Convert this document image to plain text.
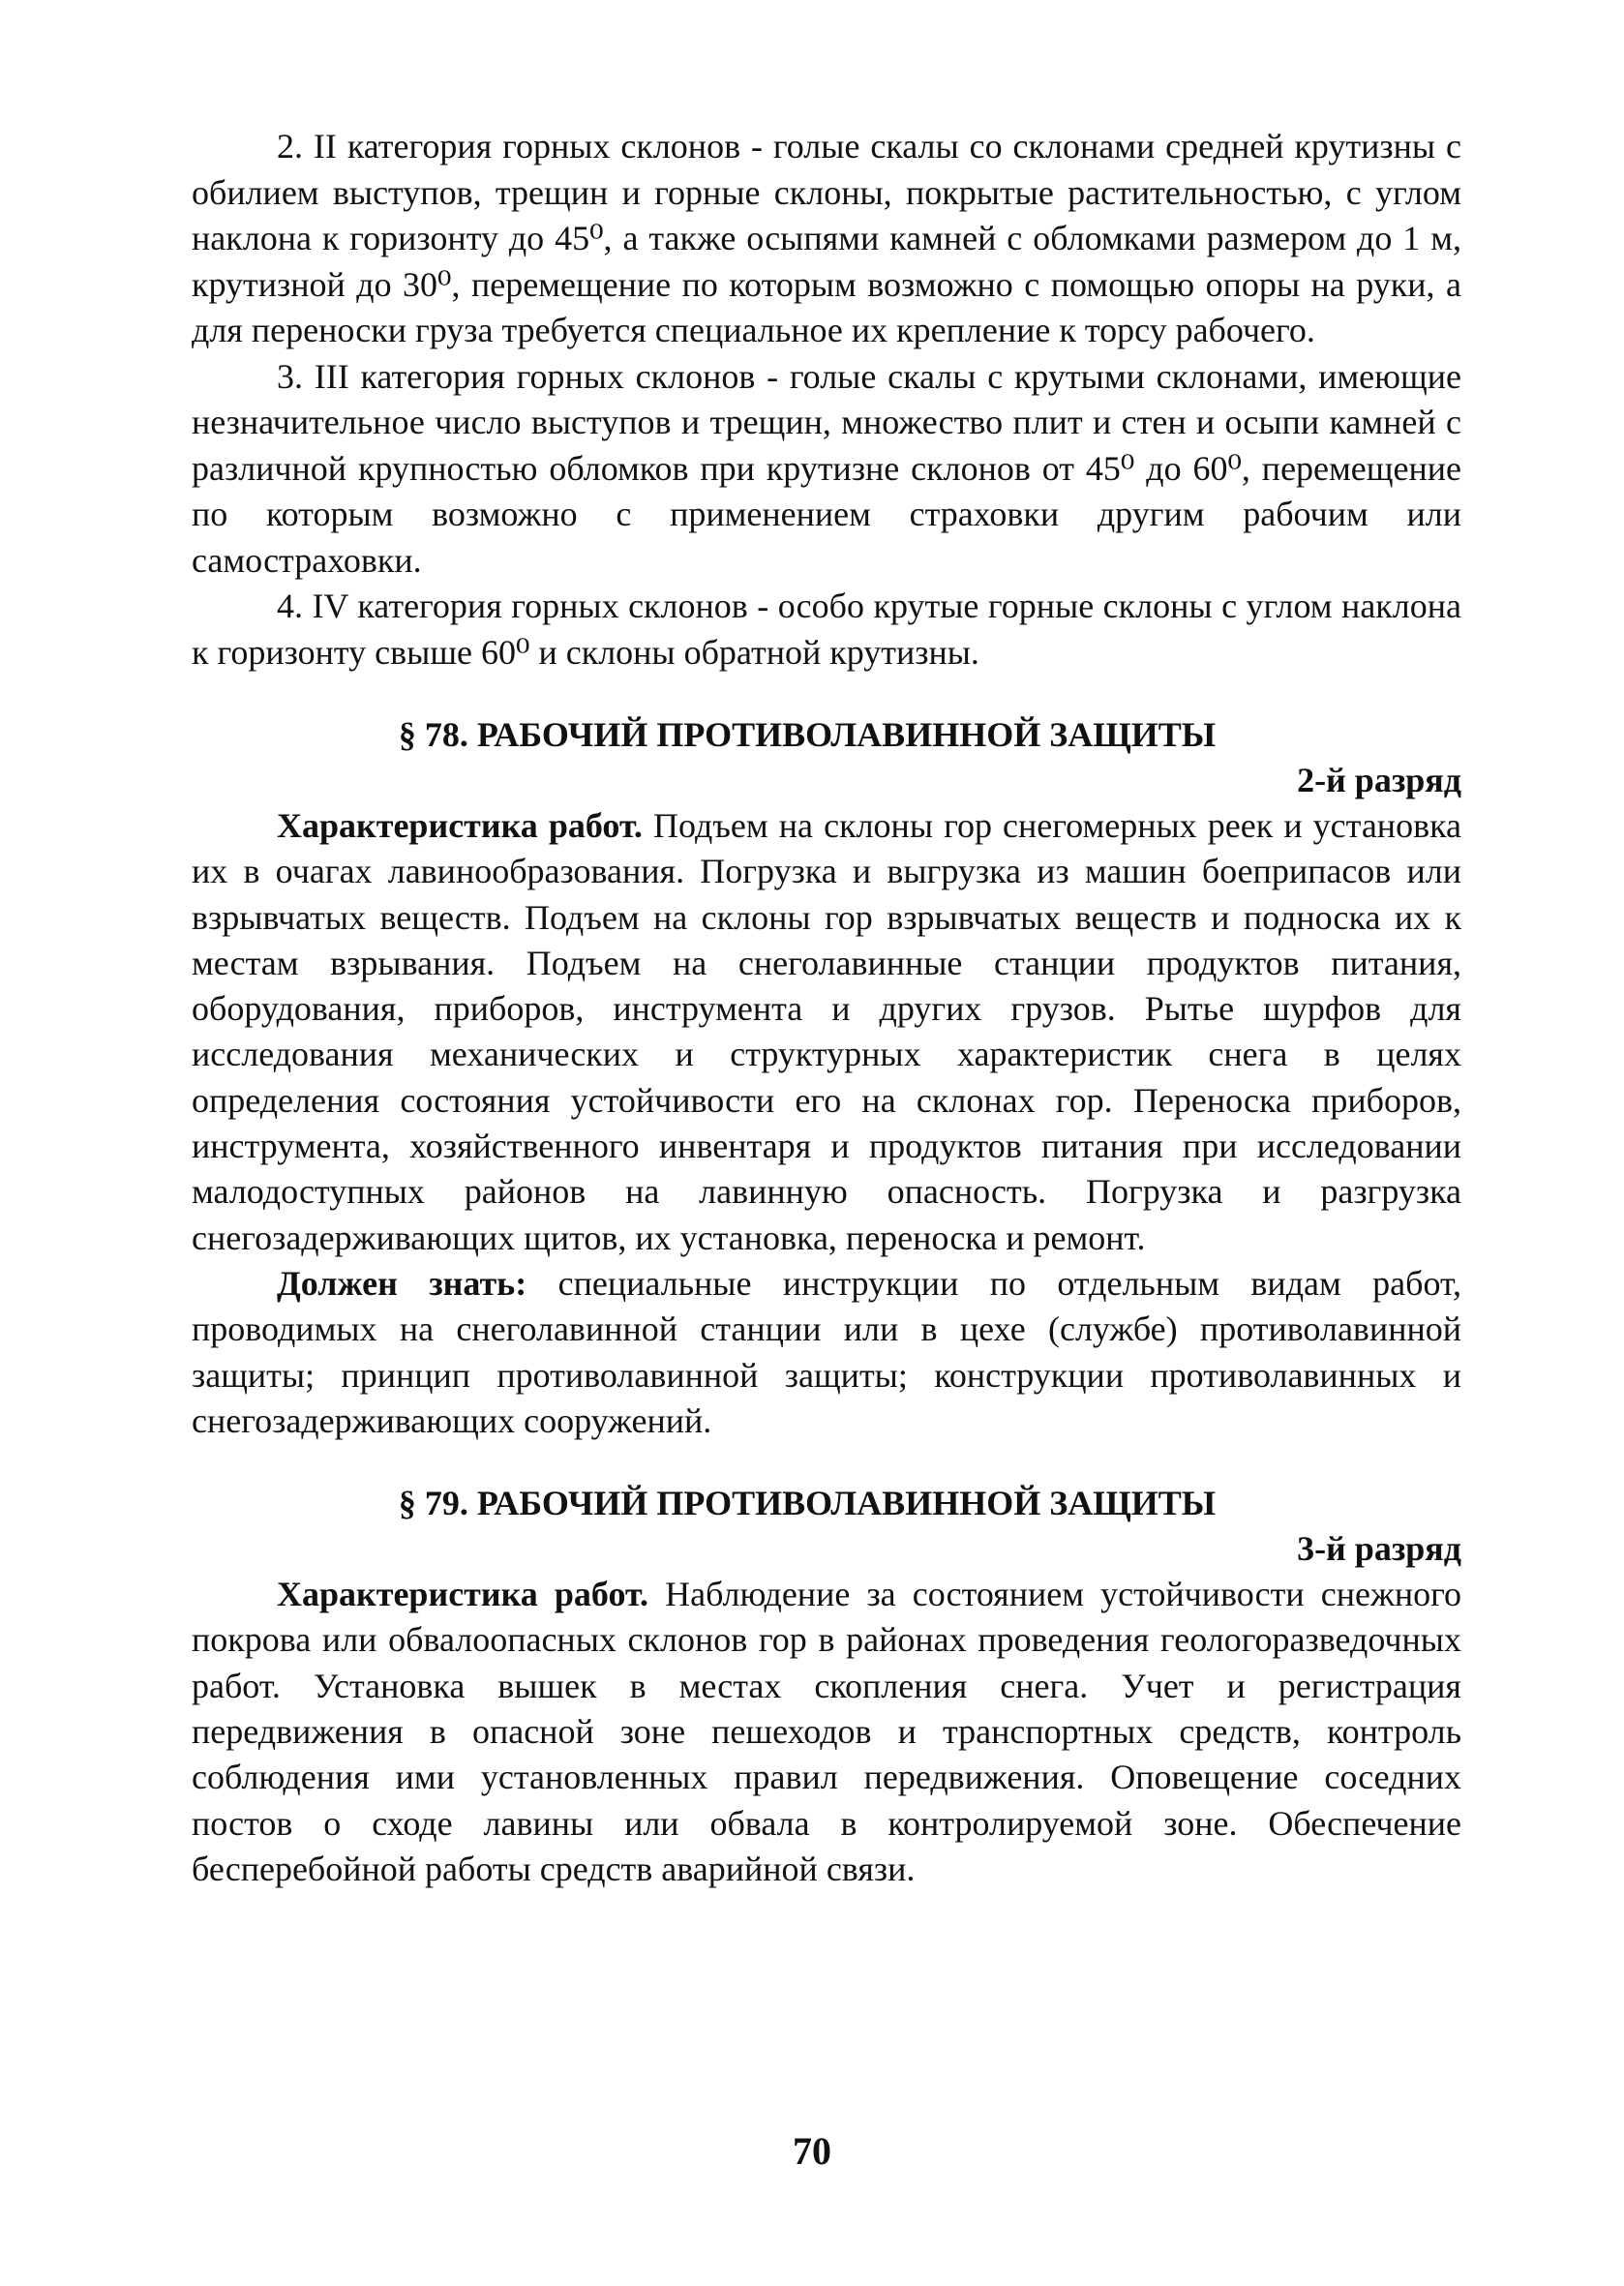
2. II категория горных склонов - голые скалы со склонами средней крутизны с обилием выступов, трещин и горные склоны, покрытые растительностью, с углом наклона к горизонту до 45⁰, а также осыпями камней с обломками размером до 1 м, крутизной до 30⁰, перемещение по которым возможно с помощью опоры на руки, а для переноски груза требуется специальное их крепление к торсу рабочего.

3. III категория горных склонов - голые скалы с крутыми склонами, имеющие незначительное число выступов и трещин, множество плит и стен и осыпи камней с различной крупностью обломков при крутизне склонов от 45⁰ до 60⁰, перемещение по которым возможно с применением страховки другим рабочим или самостраховки.

4. IV категория горных склонов - особо крутые горные склоны с углом наклона к горизонту свыше 60⁰ и склоны обратной крутизны.

§ 78. РАБОЧИЙ ПРОТИВОЛАВИННОЙ ЗАЩИТЫ
2-й разряд

Характеристика работ. Подъем на склоны гор снегомерных реек и установка их в очагах лавинообразования. Погрузка и выгрузка из машин боеприпасов или взрывчатых веществ. Подъем на склоны гор взрывчатых веществ и подноска их к местам взрывания. Подъем на снеголавинные станции продуктов питания, оборудования, приборов, инструмента и других грузов. Рытье шурфов для исследования механических и структурных характеристик снега в целях определения состояния устойчивости его на склонах гор. Переноска приборов, инструмента, хозяйственного инвентаря и продуктов питания при исследовании малодоступных районов на лавинную опасность. Погрузка и разгрузка снегозадерживающих щитов, их установка, переноска и ремонт.

Должен знать: специальные инструкции по отдельным видам работ, проводимых на снеголавинной станции или в цехе (службе) противолавинной защиты; принцип противолавинной защиты; конструкции противолавинных и снегозадерживающих сооружений.

§ 79. РАБОЧИЙ ПРОТИВОЛАВИННОЙ ЗАЩИТЫ
3-й разряд

Характеристика работ. Наблюдение за состоянием устойчивости снежного покрова или обвалоопасных склонов гор в районах проведения геологоразведочных работ. Установка вышек в местах скопления снега. Учет и регистрация передвижения в опасной зоне пешеходов и транспортных средств, контроль соблюдения ими установленных правил передвижения. Оповещение соседних постов о сходе лавины или обвала в контролируемой зоне. Обеспечение бесперебойной работы средств аварийной связи.

70
